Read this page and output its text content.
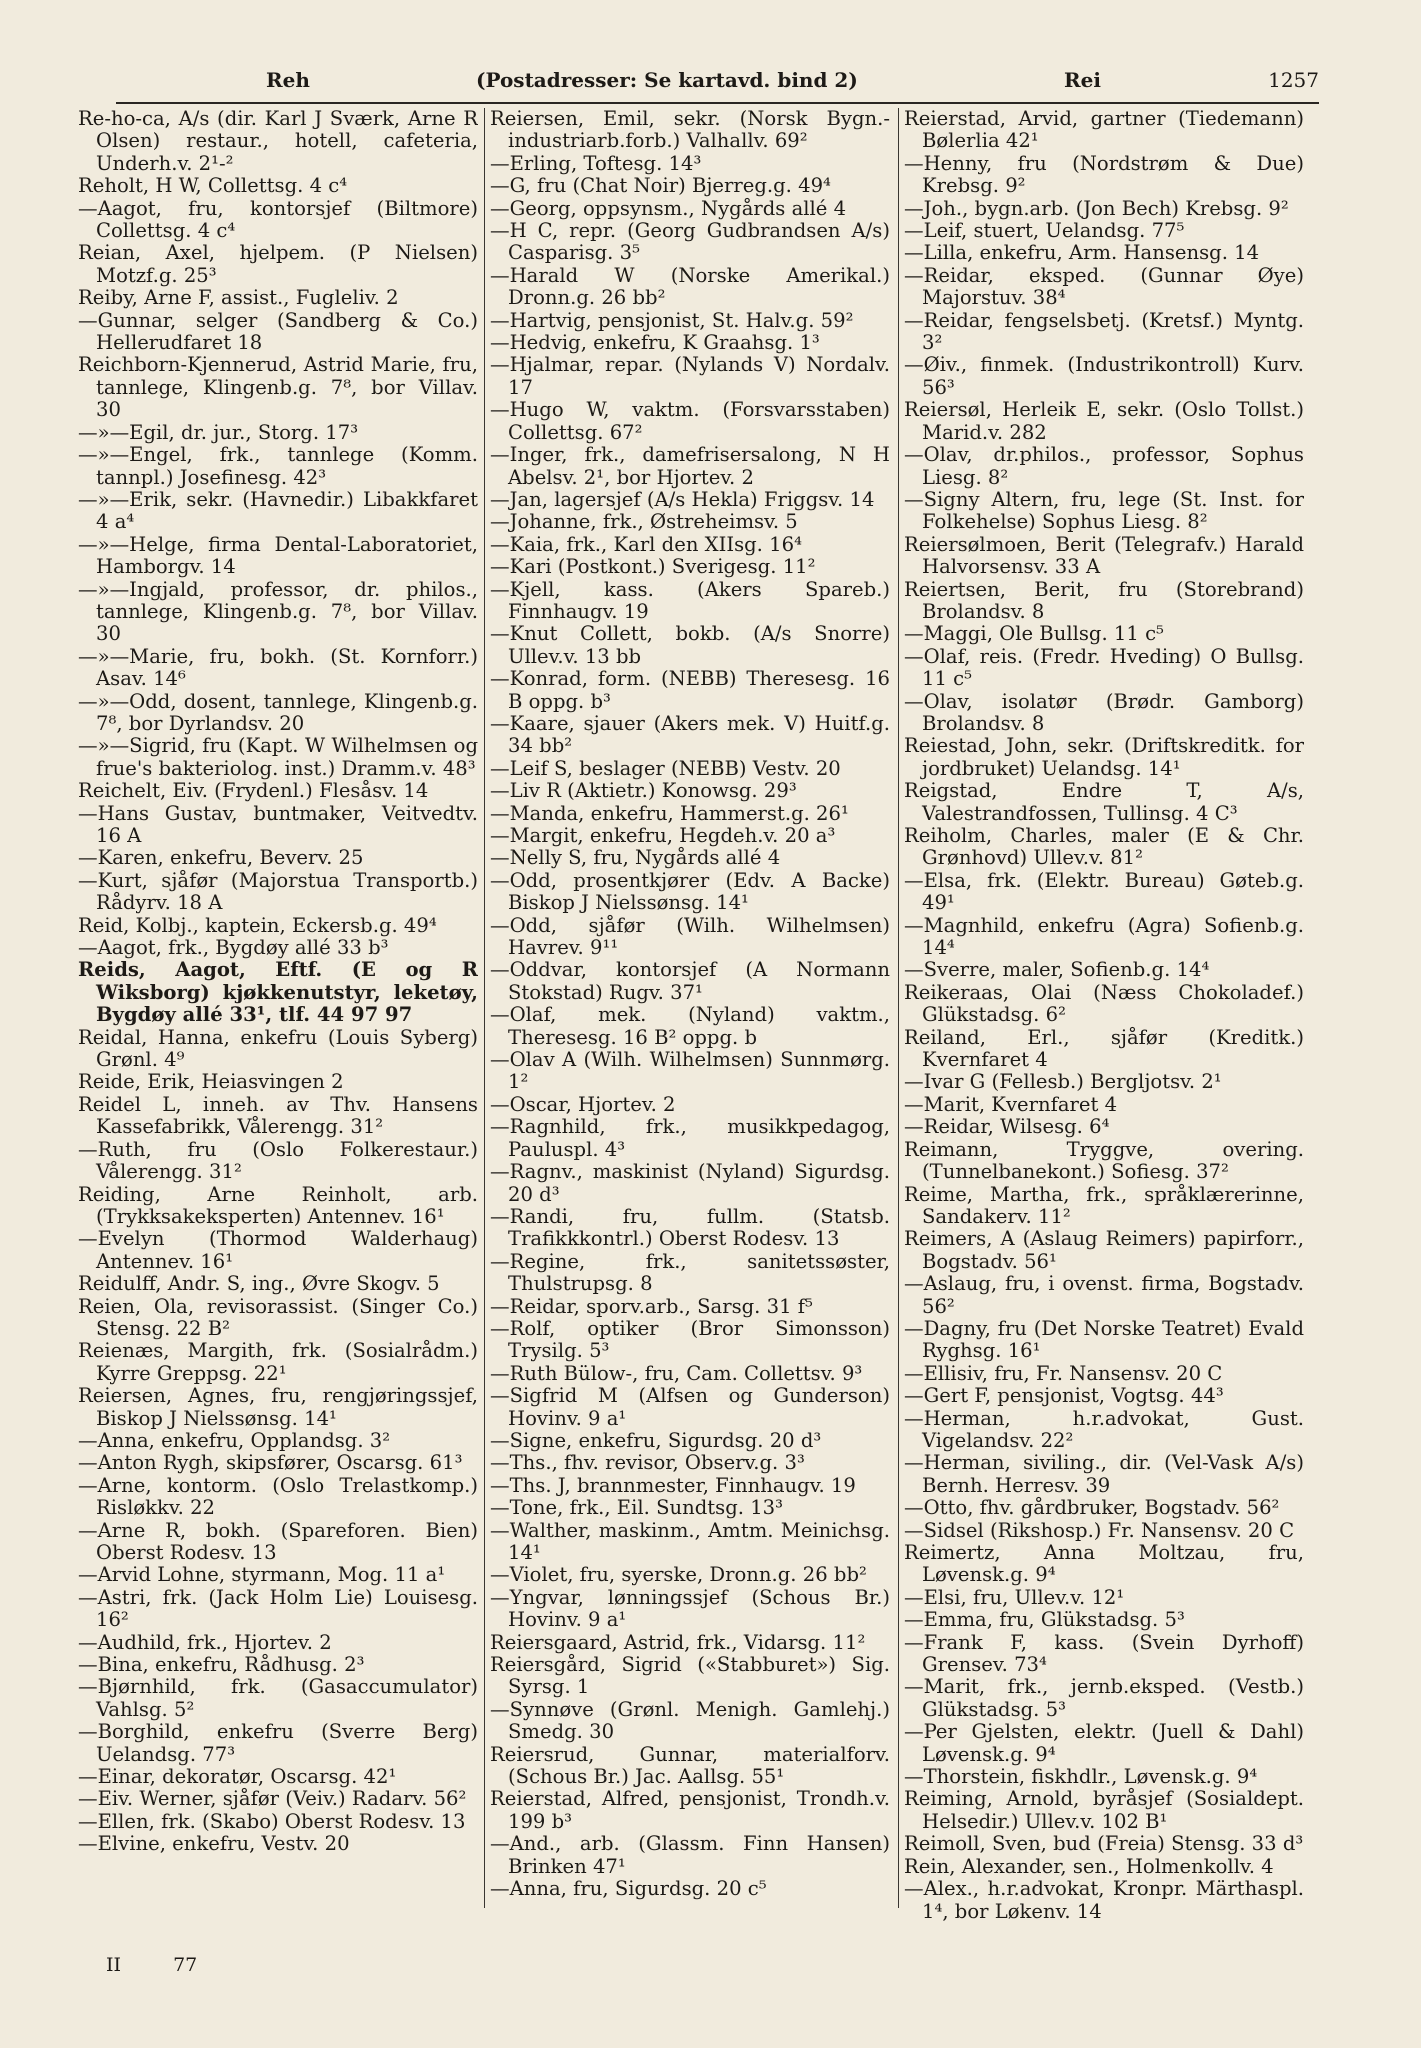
Reh	(Postadresser: Se kartavd. bind 2)	Rei	1257

Re-ho-ca, A/s (dir. Karl J Sværk, Arne R Olsen) restaur., hotell, cafeteria, Underh.v. 2¹-²

Reholt, H W, Collettsg. 4 c⁴

—Aagot, fru, kontorsjef (Biltmore) Collettsg. 4 c⁴

Reian, Axel, hjelpem. (P Nielsen) Motzf.g. 25³

Reiby, Arne F, assist., Fugleliv. 2

—Gunnar, selger (Sandberg & Co.) Hellerudfaret 18

Reichborn-Kjennerud, Astrid Marie, fru, tannlege, Klingenb.g. 7⁸, bor Villav. 30

—»—Egil, dr. jur., Storg. 17³

—»—Engel, frk., tannlege (Komm. tannpl.) Josefinesg. 42³

—»—Erik, sekr. (Havnedir.) Libakkfaret 4 a⁴

—»—Helge, firma Dental-Laboratoriet, Hamborgv. 14

—»—Ingjald, professor, dr. philos., tannlege, Klingenb.g. 7⁸, bor Villav. 30

—»—Marie, fru, bokh. (St. Kornforr.) Asav. 14⁶

—»—Odd, dosent, tannlege, Klingenb.g. 7⁸, bor Dyrlandsv. 20

—»—Sigrid, fru (Kapt. W Wilhelmsen og frue's bakteriolog. inst.) Dramm.v. 48³

Reichelt, Eiv. (Frydenl.) Flesåsv. 14

—Hans Gustav, buntmaker, Veitvedtv. 16 A

—Karen, enkefru, Beverv. 25

—Kurt, sjåfør (Majorstua Transportb.) Rådyrv. 18 A

Reid, Kolbj., kaptein, Eckersb.g. 49⁴

—Aagot, frk., Bygdøy allé 33 b³

Reids, Aagot, Eftf. (E og R Wiksborg) kjøkkenutstyr, leketøy, Bygdøy allé 33¹, tlf. 44 97 97

Reidal, Hanna, enkefru (Louis Syberg) Grønl. 4⁹

Reide, Erik, Heiasvingen 2

Reidel L, inneh. av Thv. Hansens Kassefabrikk, Vålerengg. 31²

—Ruth, fru (Oslo Folkerestaur.) Vålerengg. 31²

Reiding, Arne Reinholt, arb. (Trykksakeksperten) Antennev. 16¹

—Evelyn (Thormod Walderhaug) Antennev. 16¹

Reidulff, Andr. S, ing., Øvre Skogv. 5

Reien, Ola, revisorassist. (Singer Co.) Stensg. 22 B²

Reienæs, Margith, frk. (Sosialrådm.) Kyrre Greppsg. 22¹

Reiersen, Agnes, fru, rengjøringssjef, Biskop J Nielssønsg. 14¹

—Anna, enkefru, Opplandsg. 3²

—Anton Rygh, skipsfører, Oscarsg. 61³

—Arne, kontorm. (Oslo Trelastkomp.) Risløkkv. 22

—Arne R, bokh. (Spareforen. Bien) Oberst Rodesv. 13

—Arvid Lohne, styrmann, Mog. 11 a¹

—Astri, frk. (Jack Holm Lie) Louisesg. 16²

—Audhild, frk., Hjortev. 2

—Bina, enkefru, Rådhusg. 2³

—Bjørnhild, frk. (Gasaccumulator) Vahlsg. 5²

—Borghild, enkefru (Sverre Berg) Uelandsg. 77³

—Einar, dekoratør, Oscarsg. 42¹

—Eiv. Werner, sjåfør (Veiv.) Radarv. 56²

—Ellen, frk. (Skabo) Oberst Rodesv. 13

—Elvine, enkefru, Vestv. 20

Reiersen, Emil, sekr. (Norsk Bygn.-industriarb.forb.) Valhallv. 69²

—Erling, Toftesg. 14³

—G, fru (Chat Noir) Bjerreg.g. 49⁴

—Georg, oppsynsm., Nygårds allé 4

—H C, repr. (Georg Gudbrandsen A/s) Casparisg. 3⁵

—Harald W (Norske Amerikal.) Dronn.g. 26 bb²

—Hartvig, pensjonist, St. Halv.g. 59²

—Hedvig, enkefru, K Graahsg. 1³

—Hjalmar, repar. (Nylands V) Nordalv. 17

—Hugo W, vaktm. (Forsvarsstaben) Collettsg. 67²

—Inger, frk., damefrisersalong, N H Abelsv. 2¹, bor Hjortev. 2

—Jan, lagersjef (A/s Hekla) Friggsv. 14

—Johanne, frk., Østreheimsv. 5

—Kaia, frk., Karl den XIIsg. 16⁴

—Kari (Postkont.) Sverigesg. 11²

—Kjell, kass. (Akers Spareb.) Finnhaugv. 19

—Knut Collett, bokb. (A/s Snorre) Ullev.v. 13 bb

—Konrad, form. (NEBB) Theresesg. 16 B oppg. b³

—Kaare, sjauer (Akers mek. V) Huitf.g. 34 bb²

—Leif S, beslager (NEBB) Vestv. 20

—Liv R (Aktietr.) Konowsg. 29³

—Manda, enkefru, Hammerst.g. 26¹

—Margit, enkefru, Hegdeh.v. 20 a³

—Nelly S, fru, Nygårds allé 4

—Odd, prosentkjører (Edv. A Backe) Biskop J Nielssønsg. 14¹

—Odd, sjåfør (Wilh. Wilhelmsen) Havrev. 9¹¹

—Oddvar, kontorsjef (A Normann Stokstad) Rugv. 37¹

—Olaf, mek. (Nyland) vaktm., Theresesg. 16 B² oppg. b

—Olav A (Wilh. Wilhelmsen) Sunnmørg. 1²

—Oscar, Hjortev. 2

—Ragnhild, frk., musikkpedagog, Pauluspl. 4³

—Ragnv., maskinist (Nyland) Sigurdsg. 20 d³

—Randi, fru, fullm. (Statsb. Trafikkkontrl.) Oberst Rodesv. 13

—Regine, frk., sanitetssøster, Thulstrupsg. 8

—Reidar, sporv.arb., Sarsg. 31 f⁵

—Rolf, optiker (Bror Simonsson) Trysilg. 5³

—Ruth Bülow-, fru, Cam. Collettsv. 9³

—Sigfrid M (Alfsen og Gunderson) Hovinv. 9 a¹

—Signe, enkefru, Sigurdsg. 20 d³

—Ths., fhv. revisor, Observ.g. 3³

—Ths. J, brannmester, Finnhaugv. 19

—Tone, frk., Eil. Sundtsg. 13³

—Walther, maskinm., Amtm. Meinichsg. 14¹

—Violet, fru, syerske, Dronn.g. 26 bb²

—Yngvar, lønningssjef (Schous Br.) Hovinv. 9 a¹

Reiersgaard, Astrid, frk., Vidarsg. 11²

Reiersgård, Sigrid («Stabburet») Sig. Syrsg. 1

—Synnøve (Grønl. Menigh. Gamlehj.) Smedg. 30

Reiersrud, Gunnar, materialforv. (Schous Br.) Jac. Aallsg. 55¹

Reierstad, Alfred, pensjonist, Trondh.v. 199 b³

—And., arb. (Glassm. Finn Hansen) Brinken 47¹

—Anna, fru, Sigurdsg. 20 c⁵

Reierstad, Arvid, gartner (Tiedemann) Bølerlia 42¹

—Henny, fru (Nordstrøm & Due) Krebsg. 9²

—Joh., bygn.arb. (Jon Bech) Krebsg. 9²

—Leif, stuert, Uelandsg. 77⁵

—Lilla, enkefru, Arm. Hansensg. 14

—Reidar, eksped. (Gunnar Øye) Majorstuv. 38⁴

—Reidar, fengselsbetj. (Kretsf.) Myntg. 3²

—Øiv., finmek. (Industrikontroll) Kurv. 56³

Reiersøl, Herleik E, sekr. (Oslo Tollst.) Marid.v. 282

—Olav, dr.philos., professor, Sophus Liesg. 8²

—Signy Altern, fru, lege (St. Inst. for Folkehelse) Sophus Liesg. 8²

Reiersølmoen, Berit (Telegrafv.) Harald Halvorsensv. 33 A

Reiertsen, Berit, fru (Storebrand) Brolandsv. 8

—Maggi, Ole Bullsg. 11 c⁵

—Olaf, reis. (Fredr. Hveding) O Bullsg. 11 c⁵

—Olav, isolatør (Brødr. Gamborg) Brolandsv. 8

Reiestad, John, sekr. (Driftskreditk. for jordbruket) Uelandsg. 14¹

Reigstad, Endre T, A/s, Valestrandfossen, Tullinsg. 4 C³

Reiholm, Charles, maler (E & Chr. Grønhovd) Ullev.v. 81²

—Elsa, frk. (Elektr. Bureau) Gøteb.g. 49¹

—Magnhild, enkefru (Agra) Sofienb.g. 14⁴

—Sverre, maler, Sofienb.g. 14⁴

Reikeraas, Olai (Næss Chokoladef.) Glükstadsg. 6²

Reiland, Erl., sjåfør (Kreditk.) Kvernfaret 4

—Ivar G (Fellesb.) Bergljotsv. 2¹

—Marit, Kvernfaret 4

—Reidar, Wilsesg. 6⁴

Reimann, Tryggve, overing. (Tunnelbanekont.) Sofiesg. 37²

Reime, Martha, frk., språklærerinne, Sandakerv. 11²

Reimers, A (Aslaug Reimers) papirforr., Bogstadv. 56¹

—Aslaug, fru, i ovenst. firma, Bogstadv. 56²

—Dagny, fru (Det Norske Teatret) Evald Ryghsg. 16¹

—Ellisiv, fru, Fr. Nansensv. 20 C

—Gert F, pensjonist, Vogtsg. 44³

—Herman, h.r.advokat, Gust. Vigelandsv. 22²

—Herman, siviling., dir. (Vel-Vask A/s) Bernh. Herresv. 39

—Otto, fhv. gårdbruker, Bogstadv. 56²

—Sidsel (Rikshosp.) Fr. Nansensv. 20 C

Reimertz, Anna Moltzau, fru, Løvensk.g. 9⁴

—Elsi, fru, Ullev.v. 12¹

—Emma, fru, Glükstadsg. 5³

—Frank F, kass. (Svein Dyrhoff) Grensev. 73⁴

—Marit, frk., jernb.eksped. (Vestb.) Glükstadsg. 5³

—Per Gjelsten, elektr. (Juell & Dahl) Løvensk.g. 9⁴

—Thorstein, fiskhdlr., Løvensk.g. 9⁴

Reiming, Arnold, byråsjef (Sosialdept. Helsedir.) Ullev.v. 102 B¹

Reimoll, Sven, bud (Freia) Stensg. 33 d³

Rein, Alexander, sen., Holmenkollv. 4

—Alex., h.r.advokat, Kronpr. Märthaspl. 1⁴, bor Løkenv. 14

II	77
